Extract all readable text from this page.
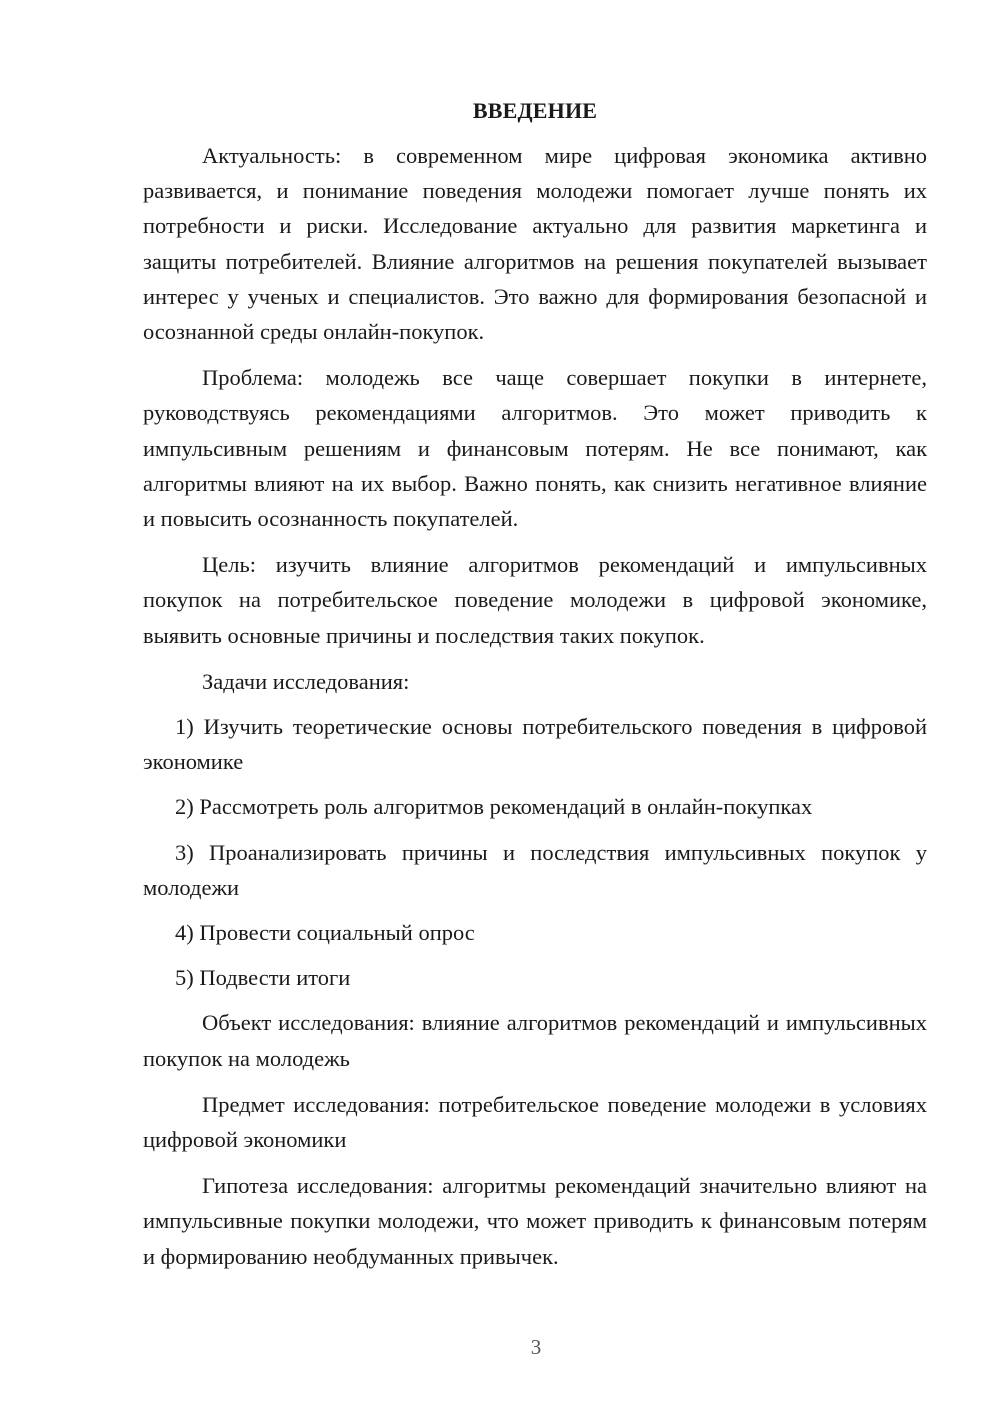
ВВЕДЕНИЕ

Актуальность: в современном мире цифровая экономика активно развивается, и понимание поведения молодежи помогает лучше понять их потребности и риски. Исследование актуально для развития маркетинга и защиты потребителей. Влияние алгоритмов на решения покупателей вызывает интерес у ученых и специалистов. Это важно для формирования безопасной и осознанной среды онлайн-покупок.

Проблема: молодежь все чаще совершает покупки в интернете, руководствуясь рекомендациями алгоритмов. Это может приводить к импульсивным решениям и финансовым потерям. Не все понимают, как алгоритмы влияют на их выбор. Важно понять, как снизить негативное влияние и повысить осознанность покупателей.

Цель: изучить влияние алгоритмов рекомендаций и импульсивных покупок на потребительское поведение молодежи в цифровой экономике, выявить основные причины и последствия таких покупок.

Задачи исследования:

1) Изучить теоретические основы потребительского поведения в цифровой экономике

2) Рассмотреть роль алгоритмов рекомендаций в онлайн-покупках

3) Проанализировать причины и последствия импульсивных покупок у молодежи

4) Провести социальный опрос

5) Подвести итоги

Объект исследования: влияние алгоритмов рекомендаций и импульсивных покупок на молодежь

Предмет исследования: потребительское поведение молодежи в условиях цифровой экономики

Гипотеза исследования: алгоритмы рекомендаций значительно влияют на импульсивные покупки молодежи, что может приводить к финансовым потерям и формированию необдуманных привычек.

3
